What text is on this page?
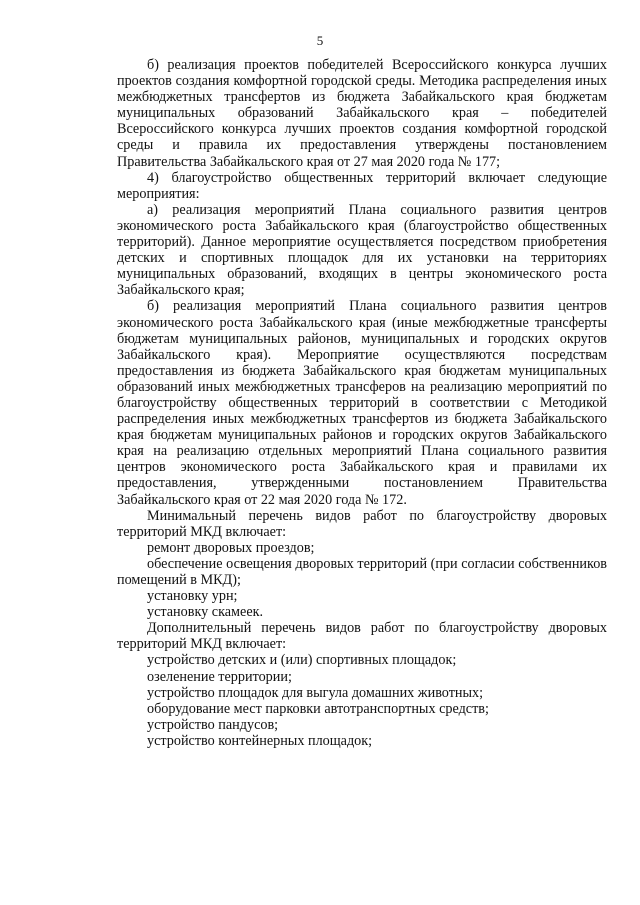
5

б) реализация проектов победителей Всероссийского конкурса лучших проектов создания комфортной городской среды. Методика распределения иных межбюджетных трансфертов из бюджета Забайкальского края бюджетам муниципальных образований Забайкальского края – победителей Всероссийского конкурса лучших проектов создания комфортной городской среды и правила их предоставления утверждены постановлением Правительства Забайкальского края от 27 мая 2020 года № 177;

4) благоустройство общественных территорий включает следующие мероприятия:

а) реализация мероприятий Плана социального развития центров экономического роста Забайкальского края (благоустройство общественных территорий). Данное мероприятие осуществляется посредством приобретения детских и спортивных площадок для их установки на территориях муниципальных образований, входящих в центры экономического роста Забайкальского края;

б) реализация мероприятий Плана социального развития центров экономического роста Забайкальского края (иные межбюджетные трансферты бюджетам муниципальных районов, муниципальных и городских округов Забайкальского края). Мероприятие осуществляются посредствам предоставления из бюджета Забайкальского края бюджетам муниципальных образований иных межбюджетных трансферов на реализацию мероприятий по благоустройству общественных территорий в соответствии с Методикой распределения иных межбюджетных трансфертов из бюджета Забайкальского края бюджетам муниципальных районов и городских округов Забайкальского края на реализацию отдельных мероприятий Плана социального развития центров экономического роста Забайкальского края и правилами их предоставления, утвержденными постановлением Правительства Забайкальского края от 22 мая 2020 года № 172.

Минимальный перечень видов работ по благоустройству дворовых территорий МКД включает:

ремонт дворовых проездов;

обеспечение освещения дворовых территорий (при согласии собственников помещений в МКД);

установку урн;

установку скамеек.

Дополнительный перечень видов работ по благоустройству дворовых территорий МКД включает:

устройство детских и (или) спортивных площадок;

озеленение территории;

устройство площадок для выгула домашних животных;

оборудование мест парковки автотранспортных средств;

устройство пандусов;

устройство контейнерных площадок;
